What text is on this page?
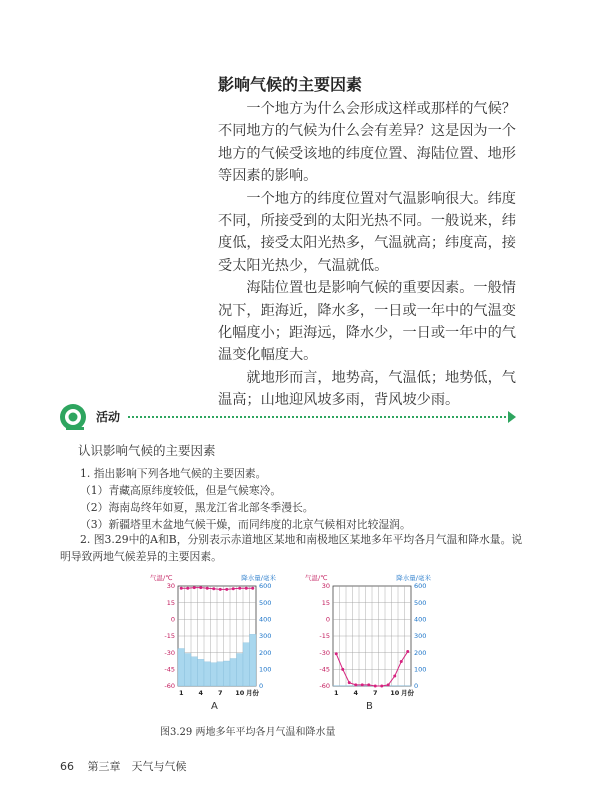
影响气候的主要因素

一个地方为什么会形成这样或那样的气候？不同地方的气候为什么会有差异？这是因为一个地方的气候受该地的纬度位置、海陆位置、地形等因素的影响。

一个地方的纬度位置对气温影响很大。纬度不同，所接受到的太阳光热不同。一般说来，纬度低，接受太阳光热多，气温就高；纬度高，接受太阳光热少，气温就低。

海陆位置也是影响气候的重要因素。一般情况下，距海近，降水多，一日或一年中的气温变化幅度小；距海远，降水少，一日或一年中的气温变化幅度大。

就地形而言，地势高，气温低；地势低，气温高；山地迎风坡多雨，背风坡少雨。

活动
认识影响气候的主要因素
1. 指出影响下列各地气候的主要因素。
（1）青藏高原纬度较低，但是气候寒冷。
（2）海南岛终年如夏，黑龙江省北部冬季漫长。
（3）新疆塔里木盆地气候干燥，而同纬度的北京气候相对比较湿润。

2. 图3.29中的A和B，分别表示赤道地区某地和南极地区某地多年平均各月气温和降水量。说明导致两地气候差异的主要因素。

气温/℃	降水量/毫米
30
15
0
-15
-30
-45
-60
600
500
400
300
200
100
0
1 4 7 10 月份
气温/℃	降水量/毫米
30
15
0
-15
-30
-45
-60
600
500
400
300
200
100
0
1 4 7 10 月份
A	B
图3.29 两地多年平均各月气温和降水量
66 第三章　天气与气候
